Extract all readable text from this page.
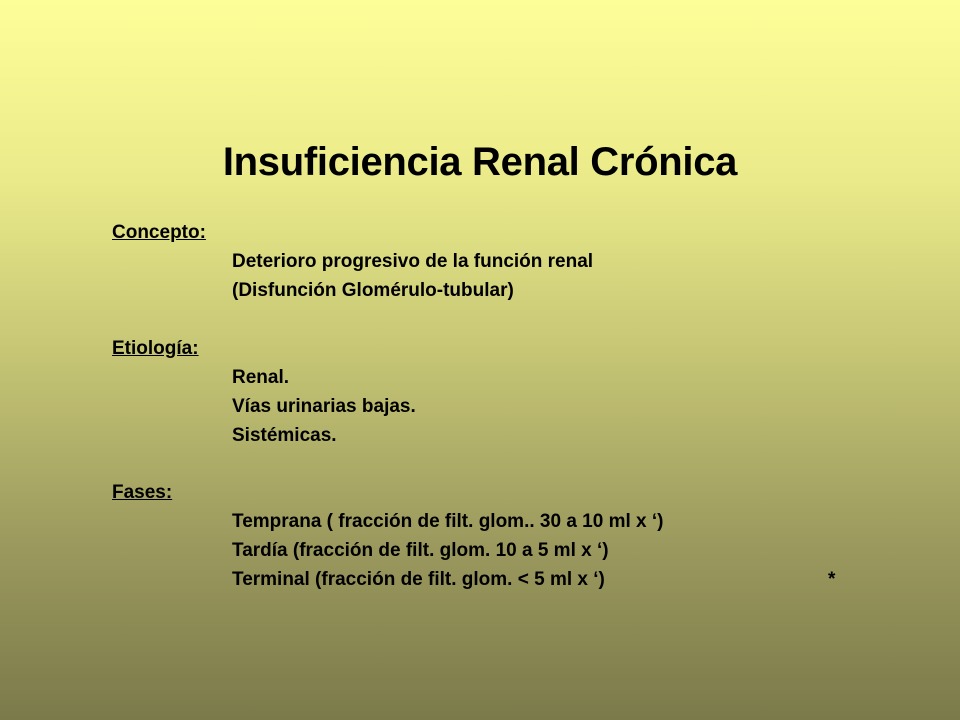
Insuficiencia Renal Crónica
Concepto:
Deterioro progresivo de la función renal
(Disfunción Glomérulo-tubular)
Etiología:
Renal.
Vías urinarias bajas.
Sistémicas.
Fases:
Temprana ( fracción de filt. glom.. 30 a 10 ml x ‘)
Tardía (fracción de filt. glom. 10 a 5 ml x ‘)
Terminal (fracción de filt. glom. < 5 ml x ‘)	*
